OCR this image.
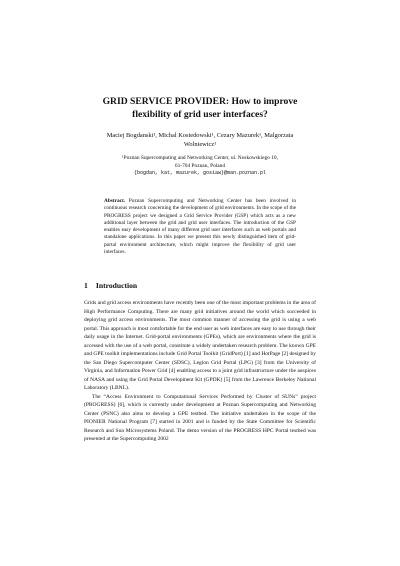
GRID SERVICE PROVIDER: How to improve
flexibility of grid user interfaces?
Maciej Bogdanski¹, Michal Kosiedowski¹, Cezary Mazurek¹, Malgorzata
Wolniewicz¹
¹Poznan Supercomputing and Networking Center, ul. Noskowskiego 10,
61-704 Poznan, Poland
{bogdan, kat, mazurek, gosiaw}@man.poznan.pl
Abstract. Poznan Supercomputing and Networking Center has been involved in continuous research concerning the development of grid environments. In the scope of the PROGRESS project we designed a Grid Service Provider (GSP) which acts as a new additional layer between the grid and grid user interfaces. The introduction of the GSP enables easy development of many different grid user interfaces such as web portals and standalone applications. In this paper we present this newly distinguished item of grid-portal environment architecture, which might improve the flexibility of grid user interfaces.
1 Introduction

Grids and grid access environments have recently been one of the most important problems in the area of High Performance Computing. There are many grid initiatives around the world which succeeded in deploying grid access environments. The most common manner of accessing the grid is using a web portal. This approach is most comfortable for the end user as web interfaces are easy to use through their daily usage in the Internet. Grid-portal environments (GPEs), which are environments where the grid is accessed with the use of a web portal, constitute a widely undertaken research problem. The known GPE and GPE toolkit implementations include Grid Portal Toolkit (GridPort) [1] and HotPage [2] designed by the San Diego Supercomputer Center (SDSC), Legion Grid Portal (LPG) [3] from the University of Virginia, and Information Power Grid [4] enabling access to a joint grid infrastructure under the auspices of NASA and using the Grid Portal Development Kit (GPDK) [5] from the Lawrence Berkeley National Laboratory (LBNL).

The “Access Environment to Computational Services Performed by Cluster of SUNs” project (PROGRESS) [6], which is currently under development at Poznan Supercomputing and Networking Center (PSNC) also aims to develop a GPE testbed. The initiative undertaken in the scope of the PIONIER National Program [7] started in 2001 and is funded by the State Committee for Scientific Research and Sun Microsystems Poland. The demo version of the PROGRESS HPC Portal testbed was presented at the Supercomputing 2002
